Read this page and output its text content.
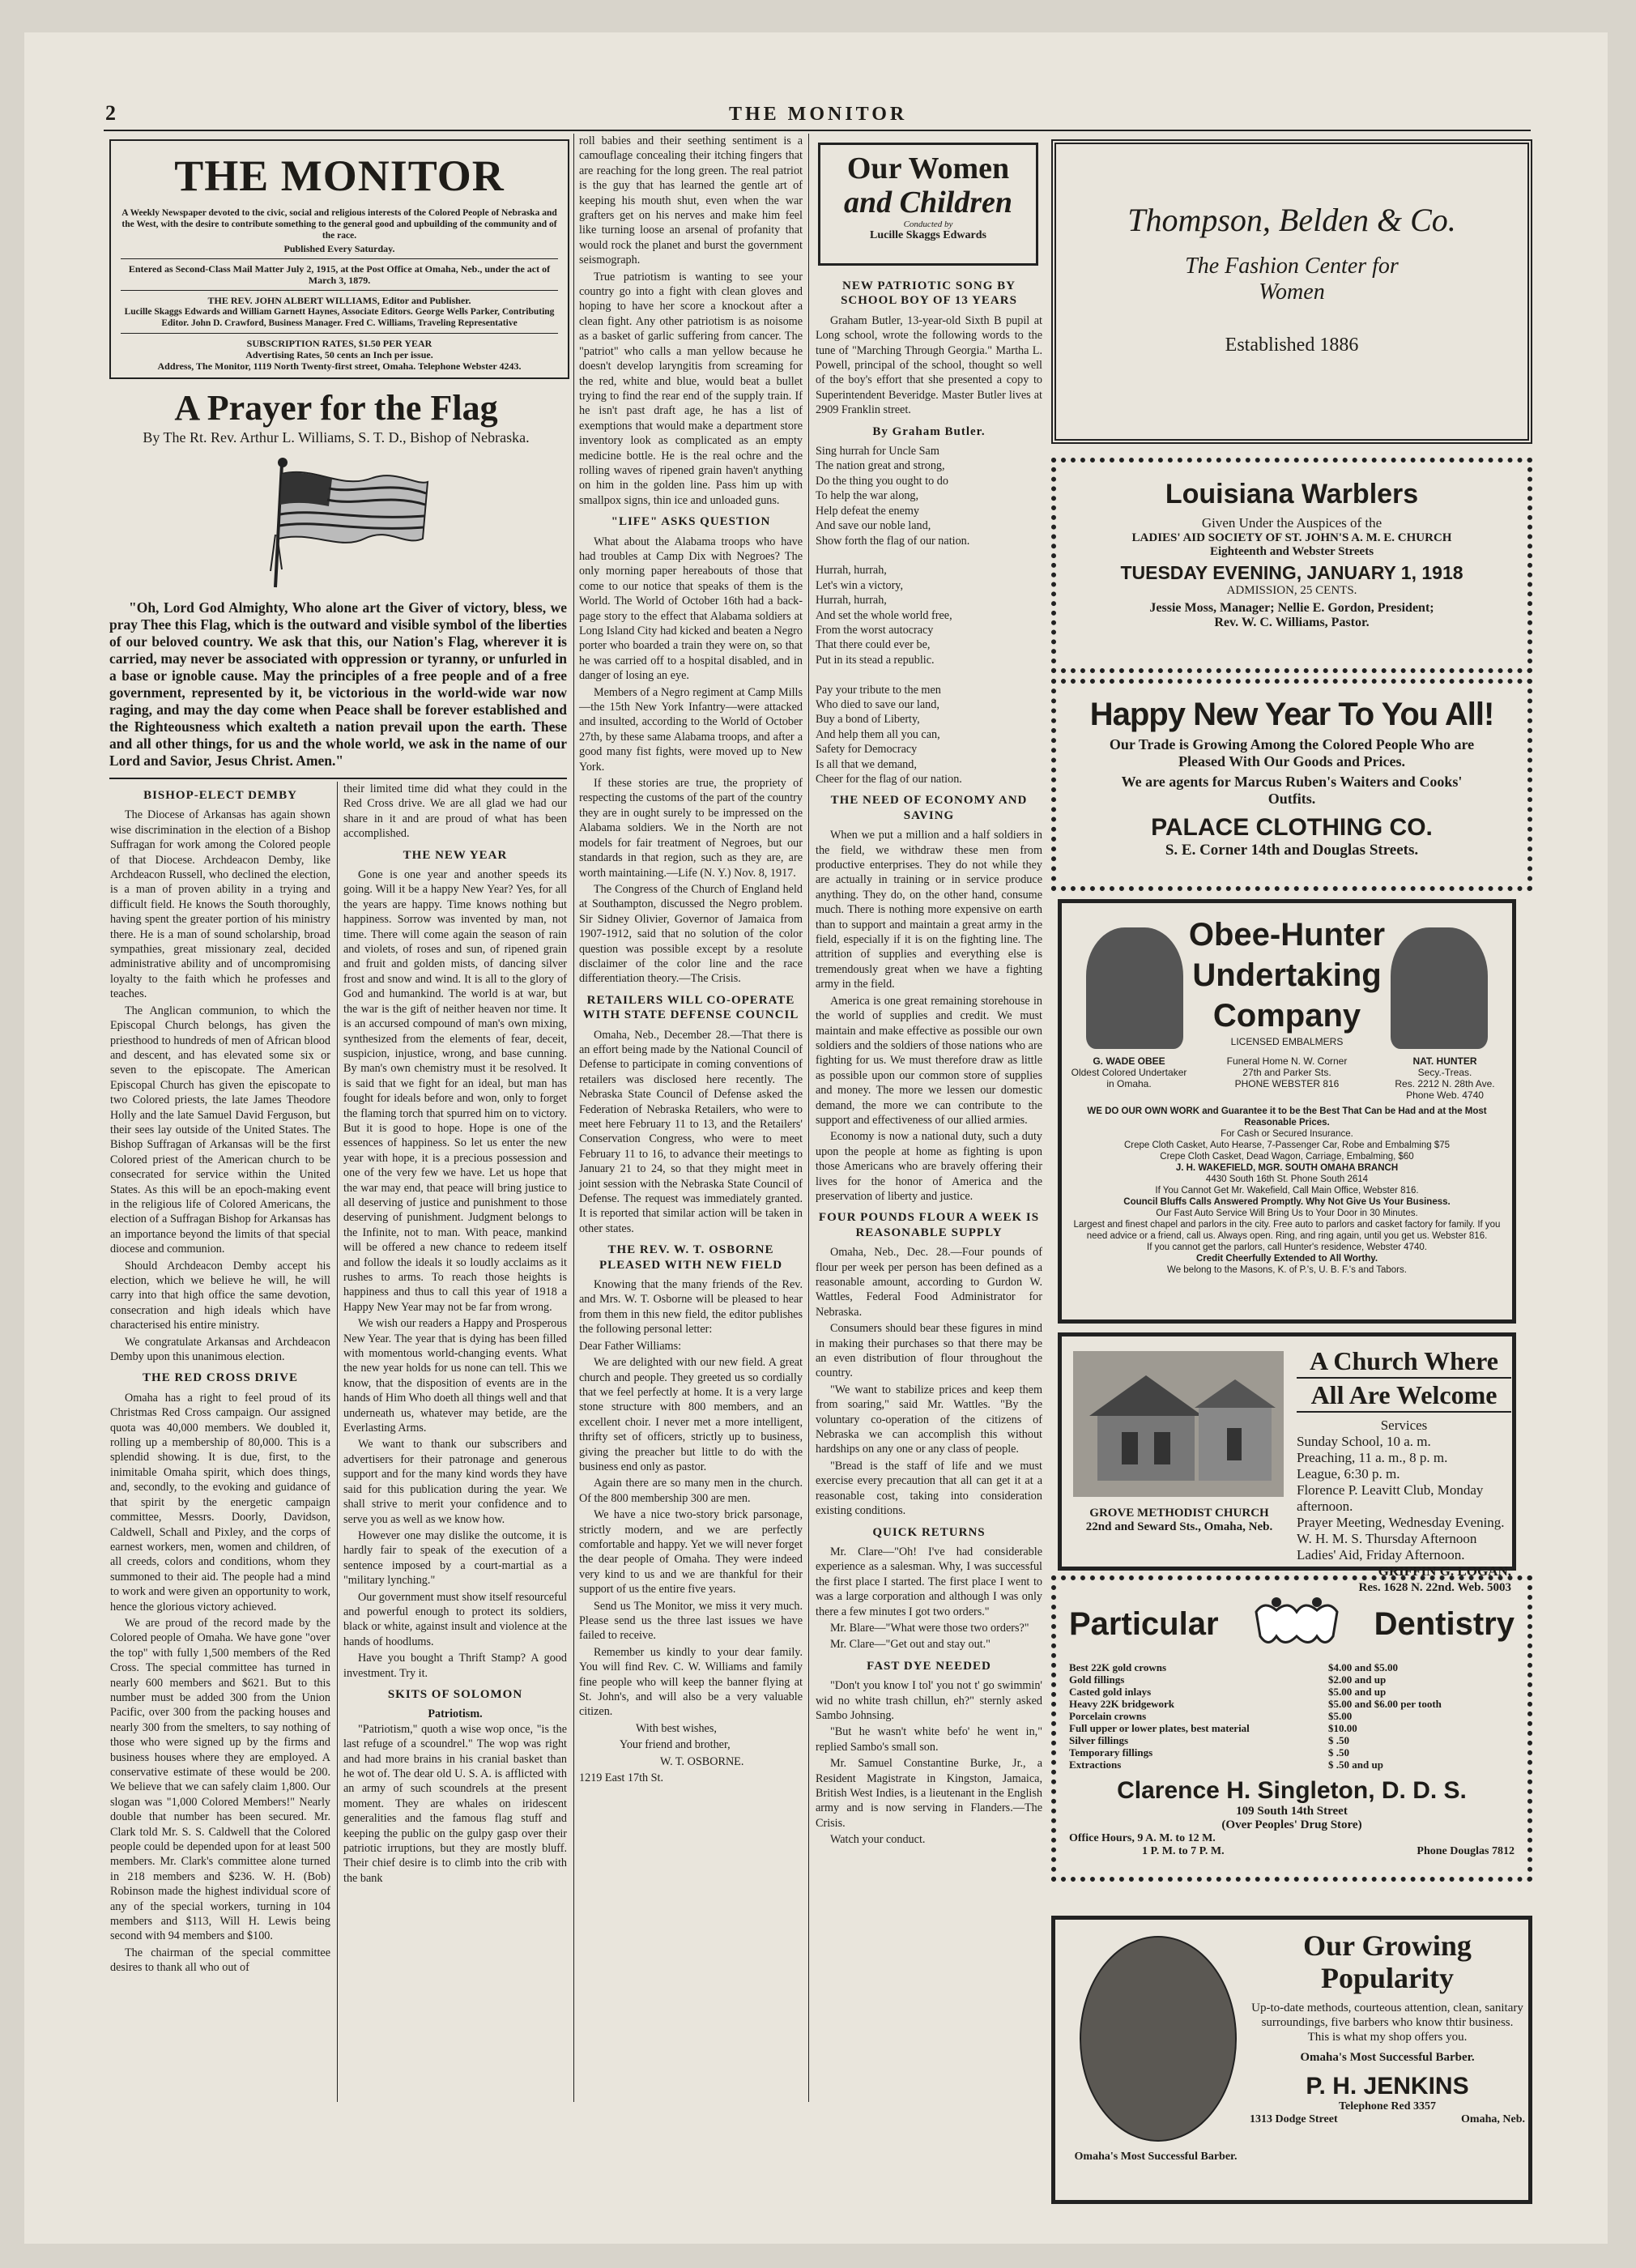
2	THE MONITOR
THE MONITOR
A Weekly Newspaper devoted to the civic, social and religious interests of the Colored People of Nebraska and the West, with the desire to contribute something to the general good and upbuilding of the community and of the race.
Published Every Saturday.
Entered as Second-Class Mail Matter July 2, 1915, at the Post Office at Omaha, Neb., under the act of March 3, 1879.
THE REV. JOHN ALBERT WILLIAMS, Editor and Publisher.
Lucille Skaggs Edwards and William Garnett Haynes, Associate Editors. George Wells Parker, Contributing Editor. John D. Crawford, Business Manager. Fred C. Williams, Traveling Representative
SUBSCRIPTION RATES, $1.50 PER YEAR
Advertising Rates, 50 cents an Inch per issue.
Address, The Monitor, 1119 North Twenty-first street, Omaha. Telephone Webster 4243.
A Prayer for the Flag
By The Rt. Rev. Arthur L. Williams, S. T. D., Bishop of Nebraska.
"Oh, Lord God Almighty, Who alone art the Giver of victory, bless, we pray Thee this Flag, which is the outward and visible symbol of the liberties of our beloved country. We ask that this, our Nation's Flag, wherever it is carried, may never be associated with oppression or tyranny, or unfurled in a base or ignoble cause. May the principles of a free people and of a free government, represented by it, be victorious in the world-wide war now raging, and may the day come when Peace shall be forever established and the Righteousness which exalteth a nation prevail upon the earth. These and all other things, for us and the whole world, we ask in the name of our Lord and Savior, Jesus Christ. Amen."
BISHOP-ELECT DEMBY

The Diocese of Arkansas has again shown wise discrimination in the election of a Bishop Suffragan for work among the Colored people of that Diocese. Archdeacon Demby, like Archdeacon Russell, who declined the election, is a man of proven ability in a trying and difficult field. He knows the South thoroughly, having spent the greater portion of his ministry there. He is a man of sound scholarship, broad sympathies, great missionary zeal, decided administrative ability and of uncompromising loyalty to the faith which he professes and teaches.

The Anglican communion, to which the Episcopal Church belongs, has given the priesthood to hundreds of men of African blood and descent, and has elevated some six or seven to the episcopate. The American Episcopal Church has given the episcopate to two Colored priests, the late James Theodore Holly and the late Samuel David Ferguson, but their sees lay outside of the United States. The Bishop Suffragan of Arkansas will be the first Colored priest of the American church to be consecrated for service within the United States. As this will be an epoch-making event in the religious life of Colored Americans, the election of a Suffragan Bishop for Arkansas has an importance beyond the limits of that special diocese and communion.

Should Archdeacon Demby accept his election, which we believe he will, he will carry into that high office the same devotion, consecration and high ideals which have characterised his entire ministry.

We congratulate Arkansas and Archdeacon Demby upon this unanimous election.

THE RED CROSS DRIVE

Omaha has a right to feel proud of its Christmas Red Cross campaign. Our assigned quota was 40,000 members. We doubled it, rolling up a membership of 80,000. This is a splendid showing. It is due, first, to the inimitable Omaha spirit, which does things, and, secondly, to the evoking and guidance of that spirit by the energetic campaign committee, Messrs. Doorly, Davidson, Caldwell, Schall and Pixley, and the corps of earnest workers, men, women and children, of all creeds, colors and conditions, whom they summoned to their aid. The people had a mind to work and were given an opportunity to work, hence the glorious victory achieved.

We are proud of the record made by the Colored people of Omaha. We have gone "over the top" with fully 1,500 members of the Red Cross. The special committee has turned in nearly 600 members and $621. But to this number must be added 300 from the Union Pacific, over 300 from the packing houses and nearly 300 from the smelters, to say nothing of those who were signed up by the firms and business houses where they are employed. A conservative estimate of these would be 200. We believe that we can safely claim 1,800. Our slogan was "1,000 Colored Members!" Nearly double that number has been secured. Mr. Clark told Mr. S. S. Caldwell that the Colored people could be depended upon for at least 500 members. Mr. Clark's committee alone turned in 218 members and $236. W. H. (Bob) Robinson made the highest individual score of any of the special workers, turning in 104 members and $113, Will H. Lewis being second with 94 members and $100.

The chairman of the special committee desires to thank all who out of

their limited time did what they could in the Red Cross drive. We are all glad we had our share in it and are proud of what has been accomplished.

THE NEW YEAR

Gone is one year and another speeds its going. Will it be a happy New Year? Yes, for all the years are happy. Time knows nothing but happiness. Sorrow was invented by man, not time. There will come again the season of rain and violets, of roses and sun, of ripened grain and fruit and golden mists, of dancing silver frost and snow and wind. It is all to the glory of God and humankind. The world is at war, but the war is the gift of neither heaven nor time. It is an accursed compound of man's own mixing, synthesized from the elements of fear, deceit, suspicion, injustice, wrong, and base cunning. By man's own chemistry must it be resolved. It is said that we fight for an ideal, but man has fought for ideals before and won, only to forget the flaming torch that spurred him on to victory. But it is good to hope. Hope is one of the essences of happiness. So let us enter the new year with hope, it is a precious possession and one of the very few we have. Let us hope that the war may end, that peace will bring justice to all deserving of justice and punishment to those deserving of punishment. Judgment belongs to the Infinite, not to man. With peace, mankind will be offered a new chance to redeem itself and follow the ideals it so loudly acclaims as it rushes to arms. To reach those heights is happiness and thus to call this year of 1918 a Happy New Year may not be far from wrong.

We wish our readers a Happy and Prosperous New Year. The year that is dying has been filled with momentous world-changing events. What the new year holds for us none can tell. This we know, that the disposition of events are in the hands of Him Who doeth all things well and that underneath us, whatever may betide, are the Everlasting Arms.

We want to thank our subscribers and advertisers for their patronage and generous support and for the many kind words they have said for this publication during the year. We shall strive to merit your confidence and to serve you as well as we know how.

However one may dislike the outcome, it is hardly fair to speak of the execution of a sentence imposed by a court-martial as a "military lynching."

Our government must show itself resourceful and powerful enough to protect its soldiers, black or white, against insult and violence at the hands of hoodlums.

Have you bought a Thrift Stamp? A good investment. Try it.

SKITS OF SOLOMON
Patriotism.

"Patriotism," quoth a wise wop once, "is the last refuge of a scoundrel." The wop was right and had more brains in his cranial basket than he wot of. The dear old U. S. A. is afflicted with an army of such scoundrels at the present moment. They are whales on iridescent generalities and the famous flag stuff and keeping the public on the gulpy gasp over their patriotic irruptions, but they are mostly bluff. Their chief desire is to climb into the crib with the bank

roll babies and their seething sentiment is a camouflage concealing their itching fingers that are reaching for the long green. The real patriot is the guy that has learned the gentle art of keeping his mouth shut, even when the war grafters get on his nerves and make him feel like turning loose an arsenal of profanity that would rock the planet and burst the government seismograph.

True patriotism is wanting to see your country go into a fight with clean gloves and hoping to have her score a knockout after a clean fight. Any other patriotism is as noisome as a basket of garlic suffering from cancer. The "patriot" who calls a man yellow because he doesn't develop laryngitis from screaming for the red, white and blue, would beat a bullet trying to find the rear end of the supply train. If he isn't past draft age, he has a list of exemptions that would make a department store inventory look as complicated as an empty medicine bottle. He is the real ochre and the rolling waves of ripened grain haven't anything on him in the golden line. Pass him up with smallpox signs, thin ice and unloaded guns.

"LIFE" ASKS QUESTION

What about the Alabama troops who have had troubles at Camp Dix with Negroes? The only morning paper hereabouts of those that come to our notice that speaks of them is the World. The World of October 16th had a back-page story to the effect that Alabama soldiers at Long Island City had kicked and beaten a Negro porter who boarded a train they were on, so that he was carried off to a hospital disabled, and in danger of losing an eye.

Members of a Negro regiment at Camp Mills—the 15th New York Infantry—were attacked and insulted, according to the World of October 27th, by these same Alabama troops, and after a good many fist fights, were moved up to New York.

If these stories are true, the propriety of respecting the customs of the part of the country they are in ought surely to be impressed on the Alabama soldiers. We in the North are not models for fair treatment of Negroes, but our standards in that region, such as they are, are worth maintaining.—Life (N. Y.) Nov. 8, 1917.

The Congress of the Church of England held at Southampton, discussed the Negro problem. Sir Sidney Olivier, Governor of Jamaica from 1907-1912, said that no solution of the color question was possible except by a resolute disclaimer of the color line and the race differentiation theory.—The Crisis.

RETAILERS WILL CO-OPERATE WITH STATE DEFENSE COUNCIL

Omaha, Neb., December 28.—That there is an effort being made by the National Council of Defense to participate in coming conventions of retailers was disclosed here recently. The Nebraska State Council of Defense asked the Federation of Nebraska Retailers, who were to meet here February 11 to 13, and the Retailers' Conservation Congress, who were to meet February 11 to 16, to advance their meetings to January 21 to 24, so that they might meet in joint session with the Nebraska State Council of Defense. The request was immediately granted. It is reported that similar action will be taken in other states.

THE REV. W. T. OSBORNE PLEASED WITH NEW FIELD

Knowing that the many friends of the Rev. and Mrs. W. T. Osborne will be pleased to hear from them in this new field, the editor publishes the following personal letter:

Dear Father Williams:

We are delighted with our new field. A great church and people. They greeted us so cordially that we feel perfectly at home. It is a very large stone structure with 800 members, and an excellent choir. I never met a more intelligent, thrifty set of officers, strictly up to business, giving the preacher but little to do with the business end only as pastor.

Again there are so many men in the church. Of the 800 membership 300 are men.

We have a nice two-story brick parsonage, strictly modern, and we are perfectly comfortable and happy. Yet we will never forget the dear people of Omaha. They were indeed very kind to us and we are thankful for their support of us the entire five years.

Send us The Monitor, we miss it very much. Please send us the three last issues we have failed to receive.

Remember us kindly to your dear family. You will find Rev. C. W. Williams and family fine people who will keep the banner flying at St. John's, and will also be a very valuable citizen.

With best wishes,

Your friend and brother,

W. T. OSBORNE.

1219 East 17th St.

Our Women
and Children
Conducted by
Lucille Skaggs Edwards
NEW PATRIOTIC SONG BY SCHOOL BOY OF 13 YEARS

Graham Butler, 13-year-old Sixth B pupil at Long school, wrote the following words to the tune of "Marching Through Georgia." Martha L. Powell, principal of the school, thought so well of the boy's effort that she presented a copy to Superintendent Beveridge. Master Butler lives at 2909 Franklin street.

By Graham Butler.
Sing hurrah for Uncle Sam
The nation great and strong,
Do the thing you ought to do
To help the war along,
Help defeat the enemy
And save our noble land,
Show forth the flag of our nation.

Hurrah, hurrah,
Let's win a victory,
Hurrah, hurrah,
And set the whole world free,
From the worst autocracy
That there could ever be,
Put in its stead a republic.

Pay your tribute to the men
Who died to save our land,
Buy a bond of Liberty,
And help them all you can,
Safety for Democracy
Is all that we demand,
Cheer for the flag of our nation.
THE NEED OF ECONOMY AND SAVING

When we put a million and a half soldiers in the field, we withdraw these men from productive enterprises. They do not while they are actually in training or in service produce anything. They do, on the other hand, consume much. There is nothing more expensive on earth than to support and maintain a great army in the field, especially if it is on the fighting line. The attrition of supplies and everything else is tremendously great when we have a fighting army in the field.

America is one great remaining storehouse in the world of supplies and credit. We must maintain and make effective as possible our own soldiers and the soldiers of those nations who are fighting for us. We must therefore draw as little as possible upon our common store of supplies and money. The more we lessen our domestic demand, the more we can contribute to the support and effectiveness of our allied armies.

Economy is now a national duty, such a duty upon the people at home as fighting is upon those Americans who are bravely offering their lives for the honor of America and the preservation of liberty and justice.

FOUR POUNDS FLOUR A WEEK IS REASONABLE SUPPLY

Omaha, Neb., Dec. 28.—Four pounds of flour per week per person has been defined as a reasonable amount, according to Gurdon W. Wattles, Federal Food Administrator for Nebraska.

Consumers should bear these figures in mind in making their purchases so that there may be an even distribution of flour throughout the country.

"We want to stabilize prices and keep them from soaring," said Mr. Wattles. "By the voluntary co-operation of the citizens of Nebraska we can accomplish this without hardships on any one or any class of people.

"Bread is the staff of life and we must exercise every precaution that all can get it at a reasonable cost, taking into consideration existing conditions.

QUICK RETURNS

Mr. Clare—"Oh! I've had considerable experience as a salesman. Why, I was successful the first place I started. The first place I went to was a large corporation and although I was only there a few minutes I got two orders."

Mr. Blare—"What were those two orders?"

Mr. Clare—"Get out and stay out."

FAST DYE NEEDED

"Don't you know I tol' you not t' go swimmin' wid no white trash chillun, eh?" sternly asked Sambo Johnsing.

"But he wasn't white befo' he went in," replied Sambo's small son.

Mr. Samuel Constantine Burke, Jr., a Resident Magistrate in Kingston, Jamaica, British West Indies, is a lieutenant in the English army and is now serving in Flanders.—The Crisis.

Watch your conduct.

Thompson, Belden & Co.
The Fashion Center for
Women
Established 1886
Louisiana Warblers
Given Under the Auspices of the
LADIES' AID SOCIETY OF ST. JOHN'S A. M. E. CHURCH
Eighteenth and Webster Streets
TUESDAY EVENING, JANUARY 1, 1918
ADMISSION, 25 CENTS.
Jessie Moss, Manager; Nellie E. Gordon, President;
Rev. W. C. Williams, Pastor.
Happy New Year To You All!
Our Trade is Growing Among the Colored People Who are
Pleased With Our Goods and Prices.
We are agents for Marcus Ruben's Waiters and Cooks'
Outfits.
PALACE CLOTHING CO.
S. E. Corner 14th and Douglas Streets.
Obee-Hunter
Undertaking
Company
LICENSED EMBALMERS
G. WADE OBEE
Oldest Colored Undertaker in Omaha.
Funeral Home N. W. Corner
27th and Parker Sts.
PHONE WEBSTER 816
NAT. HUNTER
Secy.-Treas.
Res. 2212 N. 28th Ave.
Phone Web. 4740
WE DO OUR OWN WORK and Guarantee it to be the Best That Can be Had and at the Most Reasonable Prices.
For Cash or Secured Insurance.
Crepe Cloth Casket, Auto Hearse, 7-Passenger Car, Robe and Embalming $75
Crepe Cloth Casket, Dead Wagon, Carriage, Embalming, $60
J. H. WAKEFIELD, MGR. SOUTH OMAHA BRANCH
4430 South 16th St. Phone South 2614
If You Cannot Get Mr. Wakefield, Call Main Office, Webster 816.
Council Bluffs Calls Answered Promptly. Why Not Give Us Your Business.
Our Fast Auto Service Will Bring Us to Your Door in 30 Minutes.
Largest and finest chapel and parlors in the city. Free auto to parlors and casket factory for family. If you need advice or a friend, call us. Always open. Ring, and ring again, until you get us. Webster 816.
If you cannot get the parlors, call Hunter's residence, Webster 4740.
Credit Cheerfully Extended to All Worthy.
We belong to the Masons, K. of P.'s, U. B. F.'s and Tabors.
GROVE METHODIST CHURCH
22nd and Seward Sts., Omaha, Neb.
A Church Where
All Are Welcome
Services
Sunday School, 10 a. m.
Preaching, 11 a. m., 8 p. m.
League, 6:30 p. m.
Florence P. Leavitt Club, Monday afternoon.
Prayer Meeting, Wednesday Evening.
W. H. M. S. Thursday Afternoon
Ladies' Aid, Friday Afternoon.
GRIFFIN G. LOGAN,
Res. 1628 N. 22nd. Web. 5003
Particular	Dentistry
Best 22K gold crowns	$4.00 and $5.00
Gold fillings	$2.00 and up
Casted gold inlays	$5.00 and up
Heavy 22K bridgework	$5.00 and $6.00 per tooth
Porcelain crowns	$5.00
Full upper or lower plates, best material	$10.00
Silver fillings	$ .50
Temporary fillings	$ .50
Extractions	$ .50 and up
Clarence H. Singleton, D. D. S.
109 South 14th Street
(Over Peoples' Drug Store)
Office Hours, 9 A. M. to 12 M.
1 P. M. to 7 P. M.	Phone Douglas 7812
Omaha's Most Successful Barber.
Our Growing
Popularity
Up-to-date methods, courteous attention, clean, sanitary surroundings, five barbers who know thtir business. This is what my shop offers you.
Omaha's Most Successful Barber.
P. H. JENKINS
Telephone Red 3357
1313 Dodge Street	Omaha, Neb.
